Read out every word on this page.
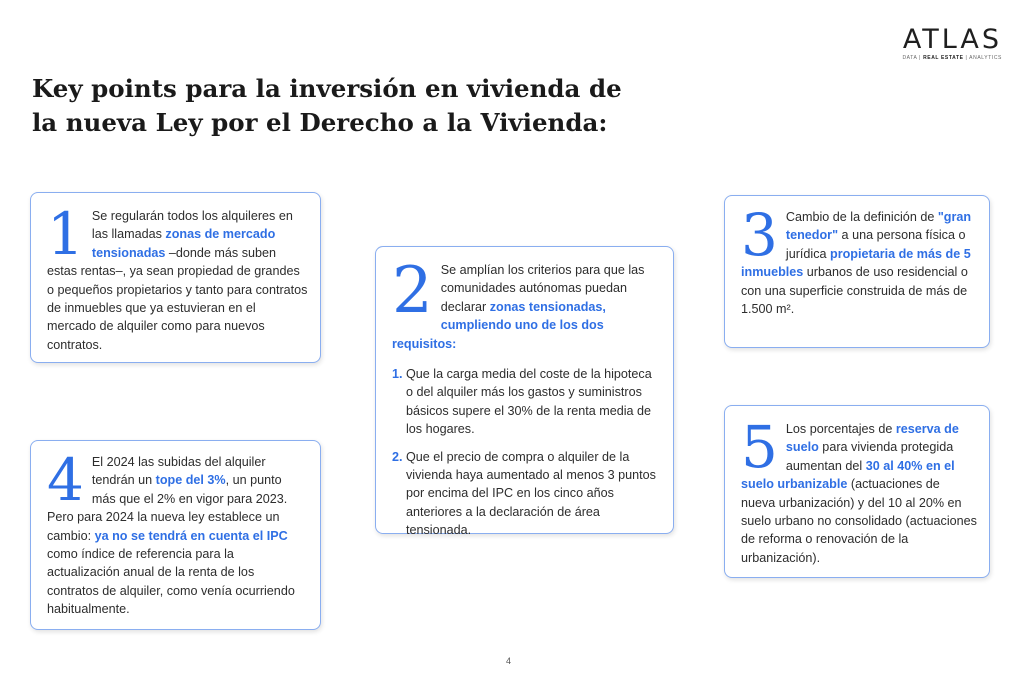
ATLAS
DATA | REAL ESTATE | ANALYTICS
Key points para la inversión en vivienda de la nueva Ley por el Derecho a la Vivienda:
1 Se regularán todos los alquileres en las llamadas zonas de mercado tensionadas –donde más suben estas rentas–, ya sean propiedad de grandes o pequeños propietarios y tanto para contratos de inmuebles que ya estuvieran en el mercado de alquiler como para nuevos contratos.

2 Se amplían los criterios para que las comunidades autónomas puedan declarar zonas tensionadas, cumpliendo uno de los dos requisitos:

1. Que la carga media del coste de la hipoteca o del alquiler más los gastos y suministros básicos supere el 30% de la renta media de los hogares.
2. Que el precio de compra o alquiler de la vivienda haya aumentado al menos 3 puntos por encima del IPC en los cinco años anteriores a la declaración de área tensionada.
3 Cambio de la definición de "gran tenedor" a una persona física o jurídica propietaria de más de 5 inmuebles urbanos de uso residencial o con una superficie construida de más de 1.500 m².

4 El 2024 las subidas del alquiler tendrán un tope del 3%, un punto más que el 2% en vigor para 2023. Pero para 2024 la nueva ley establece un cambio: ya no se tendrá en cuenta el IPC como índice de referencia para la actualización anual de la renta de los contratos de alquiler, como venía ocurriendo habitualmente.

5 Los porcentajes de reserva de suelo para vivienda protegida aumentan del 30 al 40% en el suelo urbanizable (actuaciones de nueva urbanización) y del 10 al 20% en suelo urbano no consolidado (actuaciones de reforma o renovación de la urbanización).

4
